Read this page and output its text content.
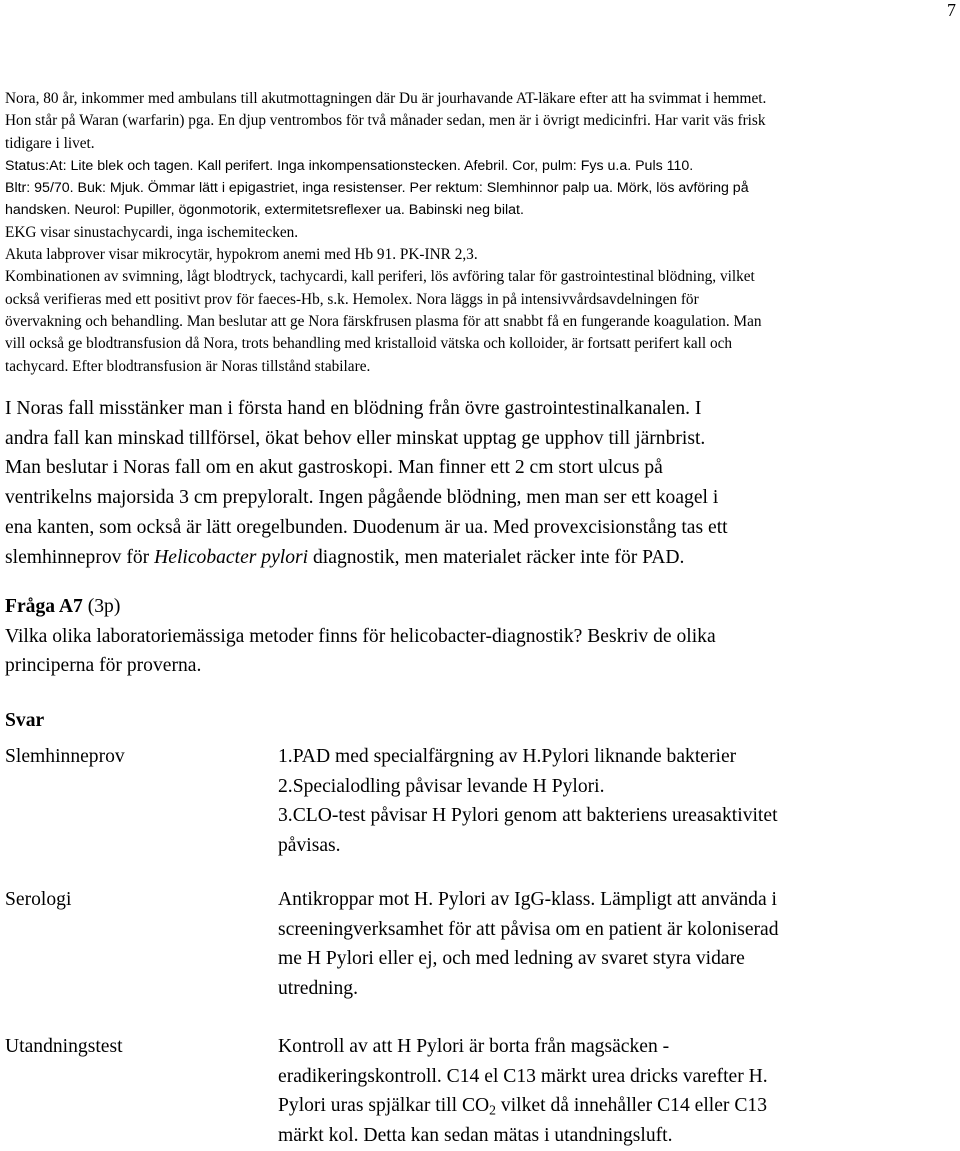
7

Nora, 80 år, inkommer med ambulans till akutmottagningen där Du är jourhavande AT-läkare efter att ha svimmat i hemmet.

Hon står på Waran (warfarin) pga. En djup ventrombos för två månader sedan, men är i övrigt medicinfri. Har varit väs frisk

tidigare i livet.

Status:At: Lite blek och tagen. Kall perifert. Inga inkompensationstecken. Afebril. Cor, pulm: Fys u.a. Puls 110.

Bltr: 95/70. Buk: Mjuk. Ömmar lätt i epigastriet, inga resistenser. Per rektum: Slemhinnor palp ua. Mörk, lös avföring på

handsken. Neurol: Pupiller, ögonmotorik, extermitetsreflexer ua. Babinski neg bilat.

EKG visar sinustachycardi, inga ischemitecken.

Akuta labprover visar mikrocytär, hypokrom anemi med Hb 91. PK-INR 2,3.

Kombinationen av svimning, lågt blodtryck, tachycardi, kall periferi, lös avföring talar för gastrointestinal blödning, vilket

också verifieras med ett positivt prov för faeces-Hb, s.k. Hemolex. Nora läggs in på intensivvårdsavdelningen för

övervakning och behandling. Man beslutar att ge Nora färskfrusen plasma för att snabbt få en fungerande koagulation. Man

vill också ge blodtransfusion då Nora, trots behandling med kristalloid vätska och kolloider, är fortsatt perifert kall och

tachycard. Efter blodtransfusion är Noras tillstånd stabilare.

I Noras fall misstänker man i första hand en blödning från övre gastrointestinalkanalen. I

andra fall kan minskad tillförsel, ökat behov eller minskat upptag ge upphov till järnbrist.

Man beslutar i Noras fall om en akut gastroskopi. Man finner ett 2 cm stort ulcus på

ventrikelns majorsida 3 cm prepyloralt. Ingen pågående blödning, men man ser ett koagel i

ena kanten, som också är lätt oregelbunden. Duodenum är ua. Med provexcisionstång tas ett

slemhinneprov för Helicobacter pylori diagnostik, men materialet räcker inte för PAD.

Fråga A7 (3p)

Vilka olika laboratoriemässiga metoder finns för helicobacter-diagnostik? Beskriv de olika

principerna för proverna.

Svar
Slemhinneprov	1.PAD med specialfärgning av H.Pylori liknande bakterier
2.Specialodling påvisar levande H Pylori.
3.CLO-test påvisar H Pylori genom att bakteriens ureasaktivitet
påvisas.
Serologi	Antikroppar mot H. Pylori av IgG-klass. Lämpligt att använda i
screeningverksamhet för att påvisa om en patient är koloniserad
me H Pylori eller ej, och med ledning av svaret styra vidare
utredning.
Utandningstest	Kontroll av att H Pylori är borta från magsäcken -
eradikeringskontroll. C14 el C13 märkt urea dricks varefter H.
Pylori uras spjälkar till $CO_2$ vilket då innehåller C14 eller C13
märkt kol. Detta kan sedan mätas i utandningsluft.
